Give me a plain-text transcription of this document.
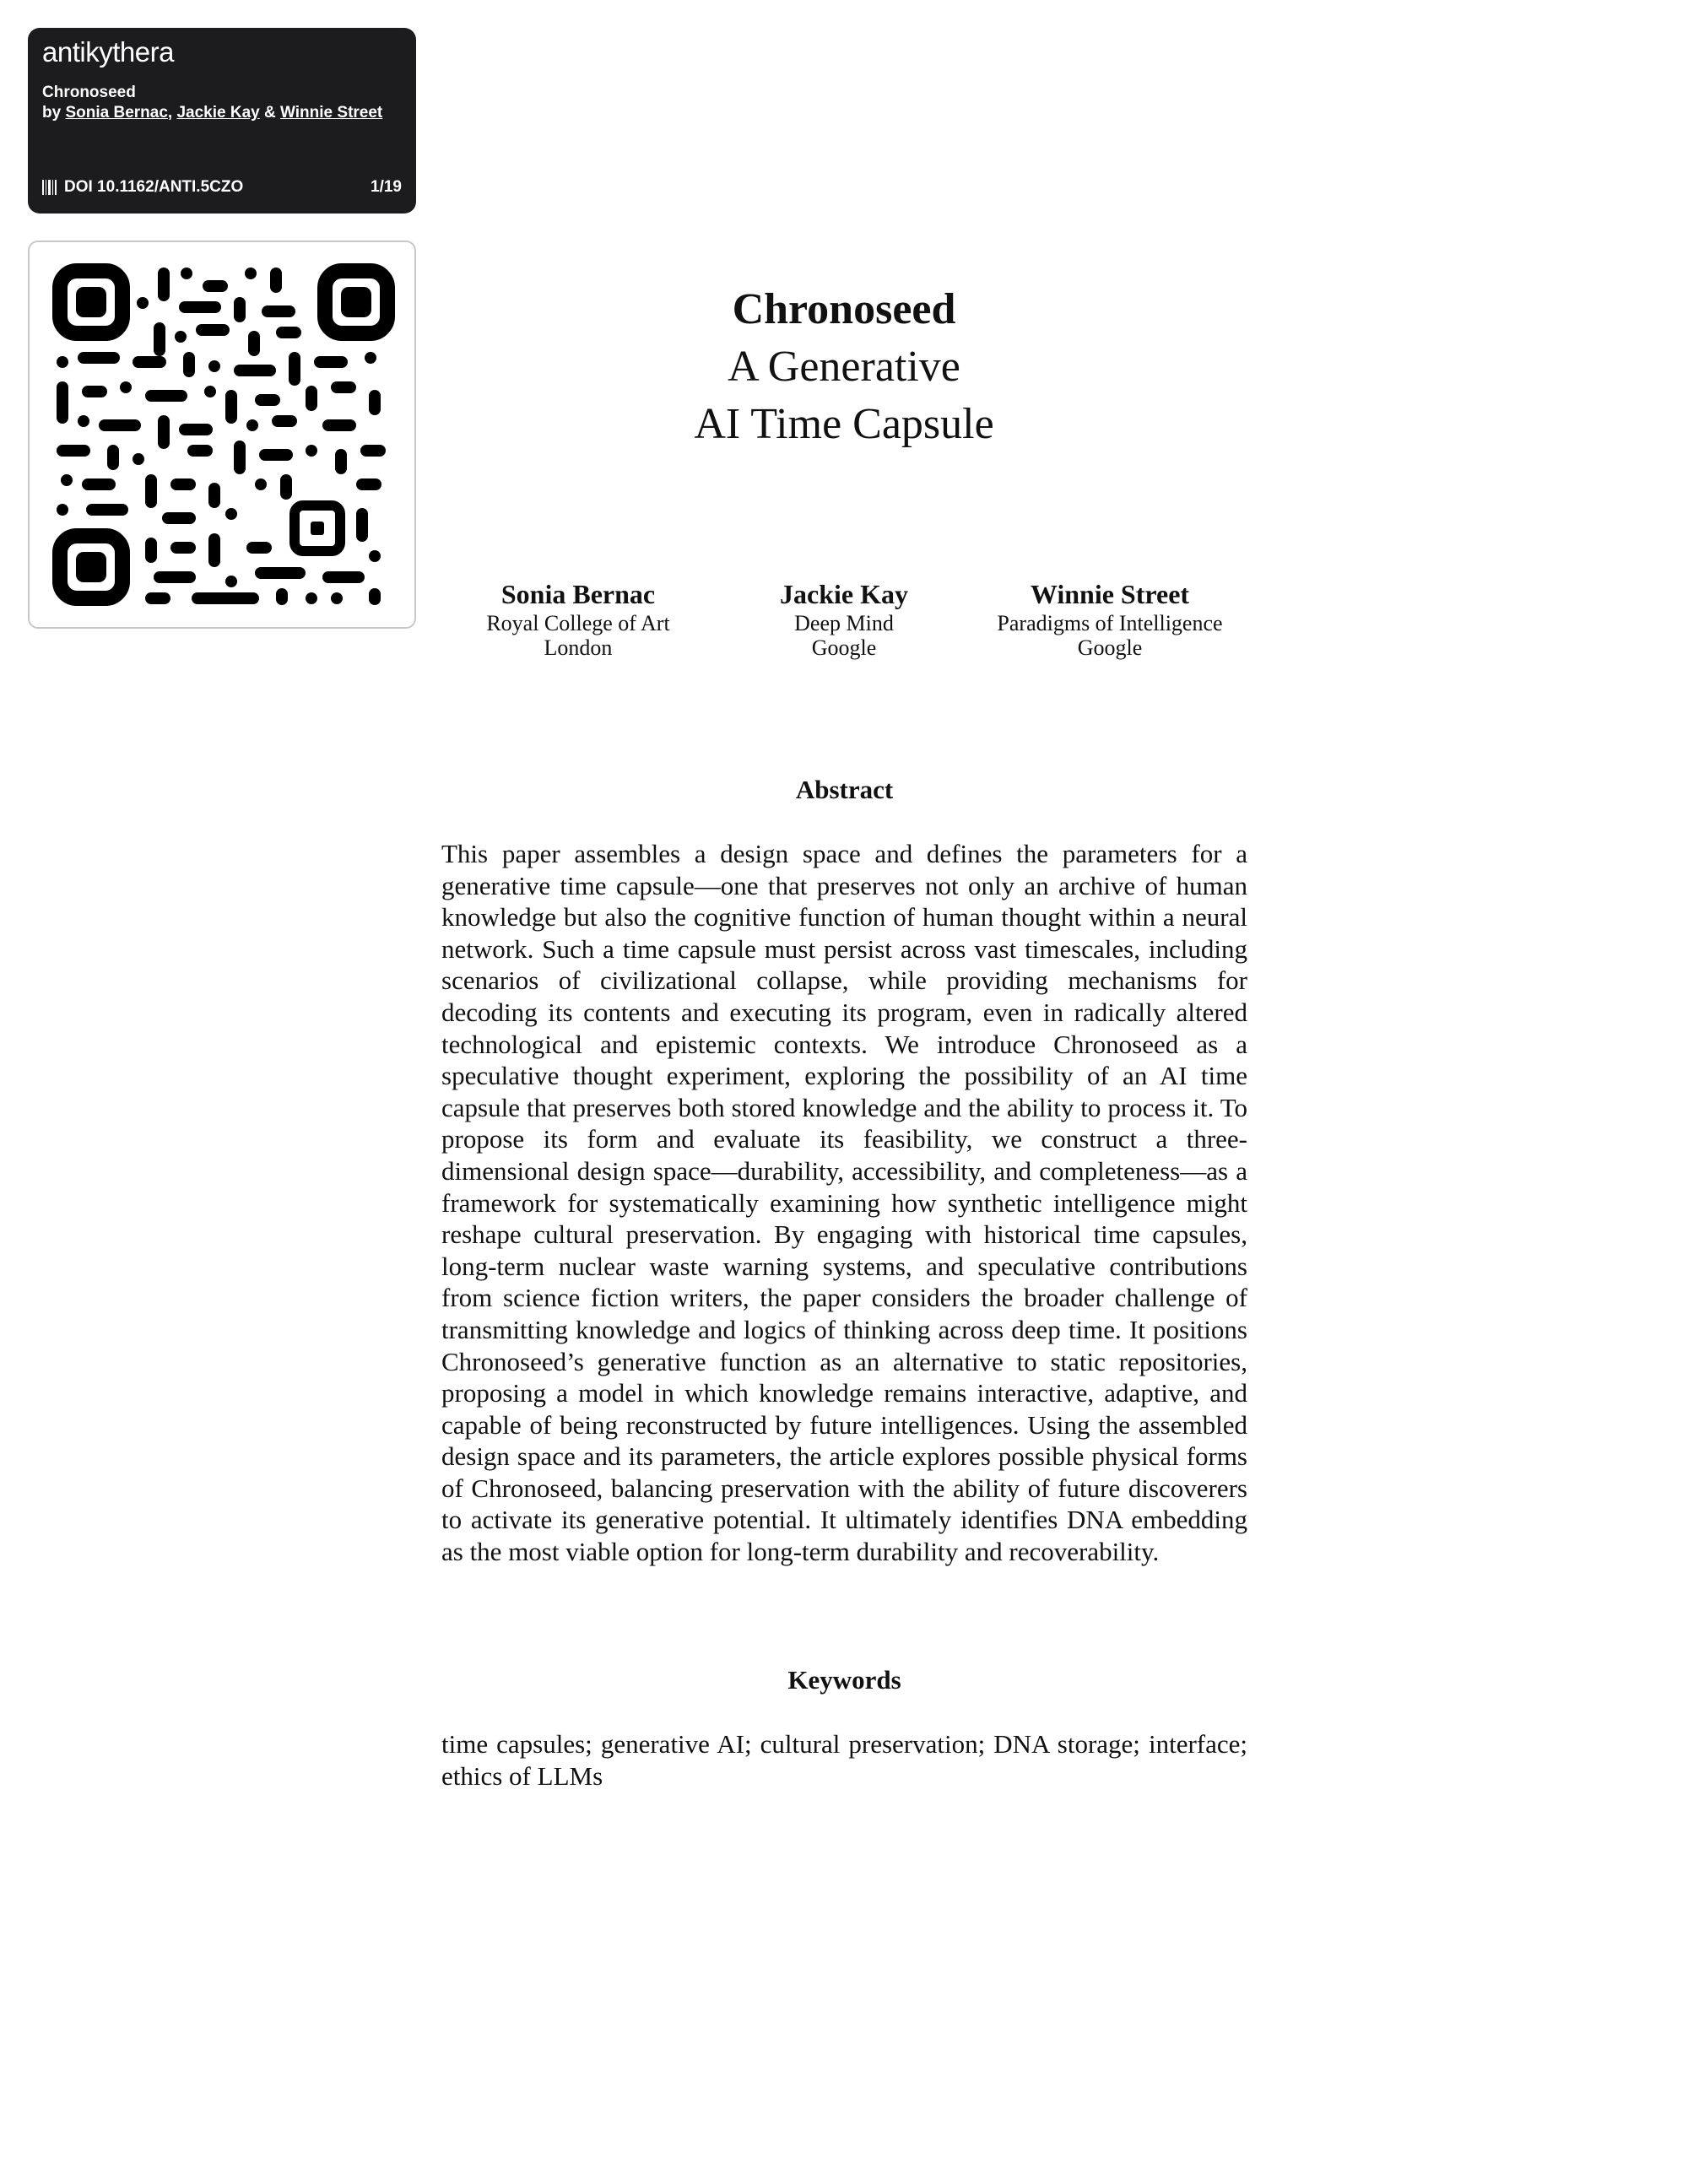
antikythera
Chronoseed
by Sonia Bernac, Jackie Kay & Winnie Street
DOI 10.1162/ANTI.5CZO	1/19
Chronoseed
A Generative
AI Time Capsule
Sonia Bernac
Royal College of Art
London
Jackie Kay
Deep Mind
Google
Winnie Street
Paradigms of Intelligence
Google
Abstract
This paper assembles a design space and defines the parameters for a generative time capsule—one that preserves not only an archive of human knowledge but also the cognitive function of human thought within a neural network. Such a time capsule must persist across vast timescales, including scenarios of civilizational collapse, while providing mechanisms for decoding its contents and executing its program, even in radically altered technological and epistemic contexts. We introduce Chronoseed as a speculative thought experiment, exploring the possibility of an AI time capsule that preserves both stored knowledge and the ability to process it. To propose its form and evaluate its feasibility, we construct a three-dimensional design space—durability, accessibility, and completeness—as a framework for systematically examining how synthetic intelligence might reshape cultural preservation. By engaging with historical time capsules, long-term nuclear waste warning systems, and speculative contributions from science fiction writers, the paper considers the broader challenge of transmitting knowledge and logics of thinking across deep time. It positions Chronoseed’s generative function as an alternative to static repositories, proposing a model in which knowledge remains interactive, adaptive, and capable of being reconstructed by future intelligences. Using the assembled design space and its parameters, the article explores possible physical forms of Chronoseed, balancing preservation with the ability of future discoverers to activate its generative potential. It ultimately identifies DNA embedding as the most viable option for long-term durability and recoverability.
Keywords
time capsules; generative AI; cultural preservation; DNA storage; interface; ethics of LLMs
